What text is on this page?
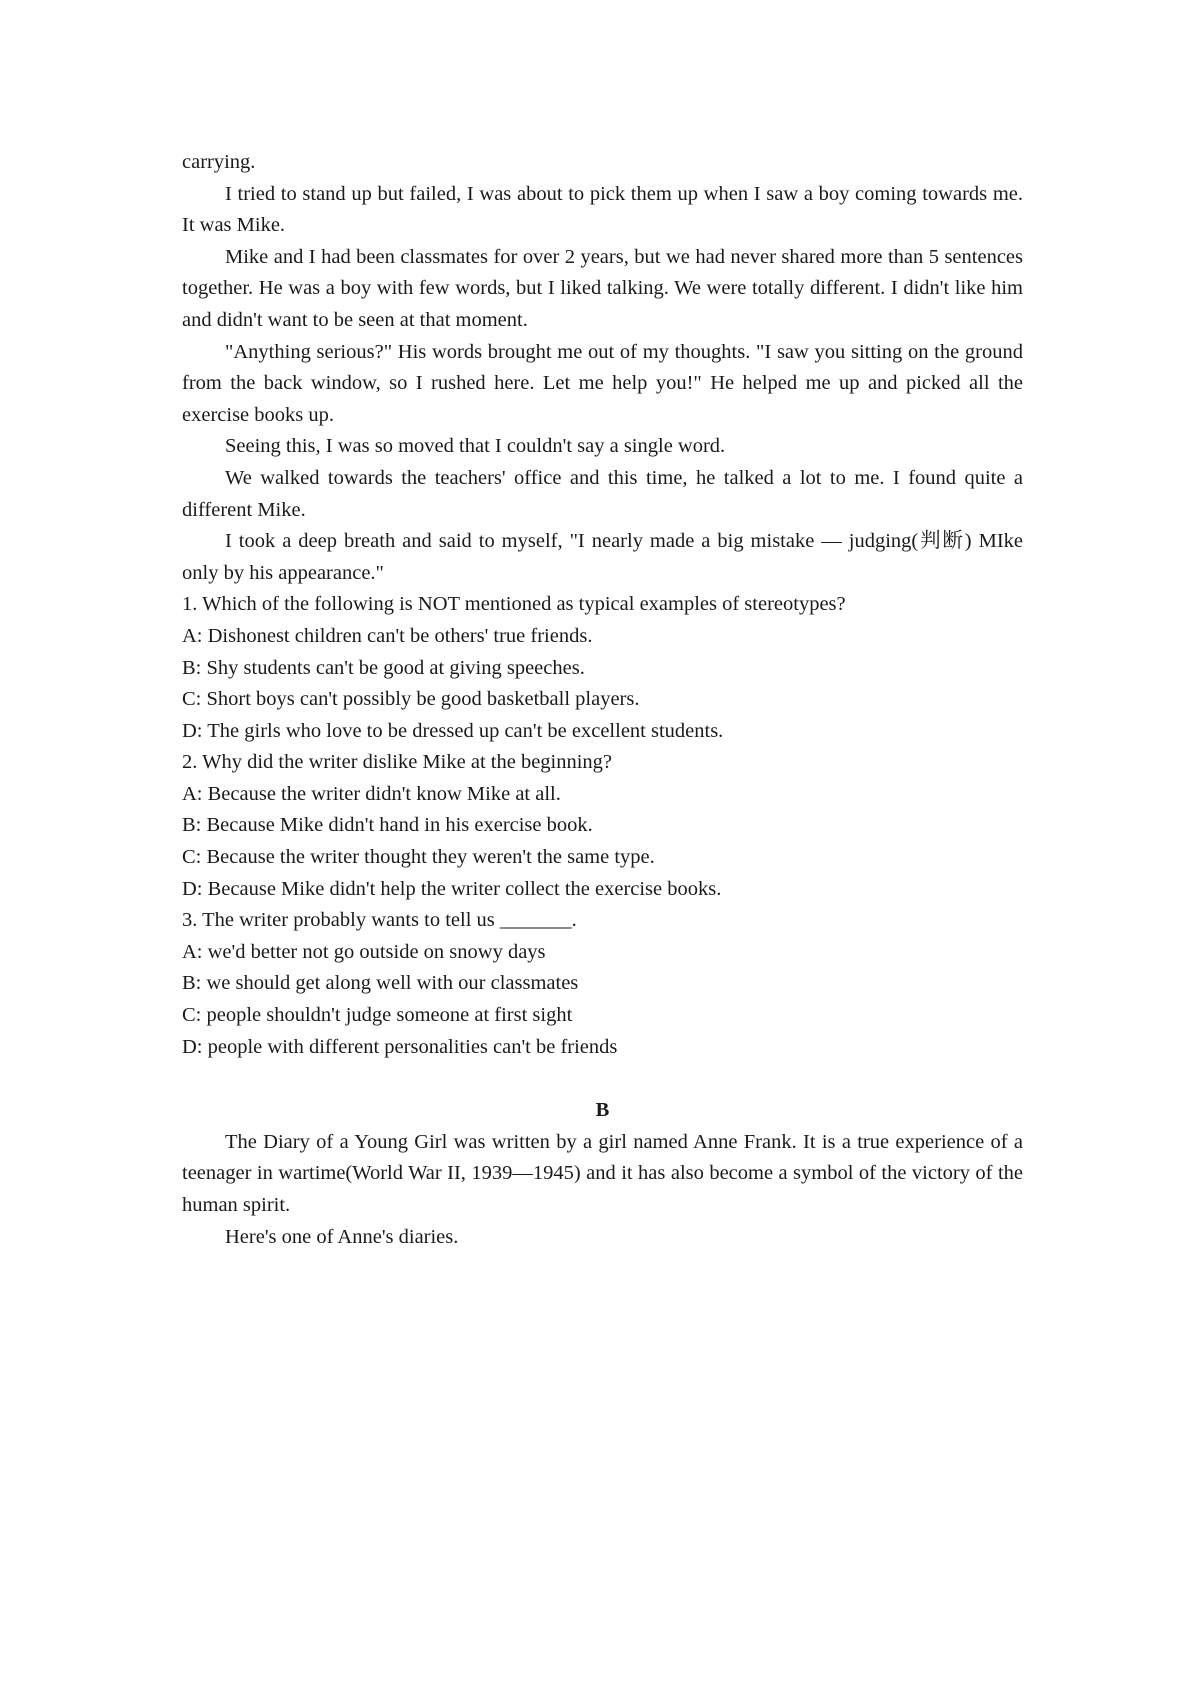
carrying.

I tried to stand up but failed, I was about to pick them up when I saw a boy coming towards me. It was Mike.

Mike and I had been classmates for over 2 years, but we had never shared more than 5 sentences together. He was a boy with few words, but I liked talking. We were totally different. I didn't like him and didn't want to be seen at that moment.

"Anything serious?" His words brought me out of my thoughts. "I saw you sitting on the ground from the back window, so I rushed here. Let me help you!" He helped me up and picked all the exercise books up.

Seeing this, I was so moved that I couldn't say a single word.

We walked towards the teachers' office and this time, he talked a lot to me. I found quite a different Mike.

I took a deep breath and said to myself, "I nearly made a big mistake — judging(判断) MIke only by his appearance."

1. Which of the following is NOT mentioned as typical examples of stereotypes?

A: Dishonest children can't be others' true friends.

B: Shy students can't be good at giving speeches.

C: Short boys can't possibly be good basketball players.

D: The girls who love to be dressed up can't be excellent students.

2. Why did the writer dislike Mike at the beginning?

A: Because the writer didn't know Mike at all.

B: Because Mike didn't hand in his exercise book.

C: Because the writer thought they weren't the same type.

D: Because Mike didn't help the writer collect the exercise books.

3. The writer probably wants to tell us _______.

A: we'd better not go outside on snowy days

B: we should get along well with our classmates

C: people shouldn't judge someone at first sight

D: people with different personalities can't be friends

B

The Diary of a Young Girl was written by a girl named Anne Frank. It is a true experience of a teenager in wartime(World War II, 1939—1945) and it has also become a symbol of the victory of the human spirit.

Here's one of Anne's diaries.
